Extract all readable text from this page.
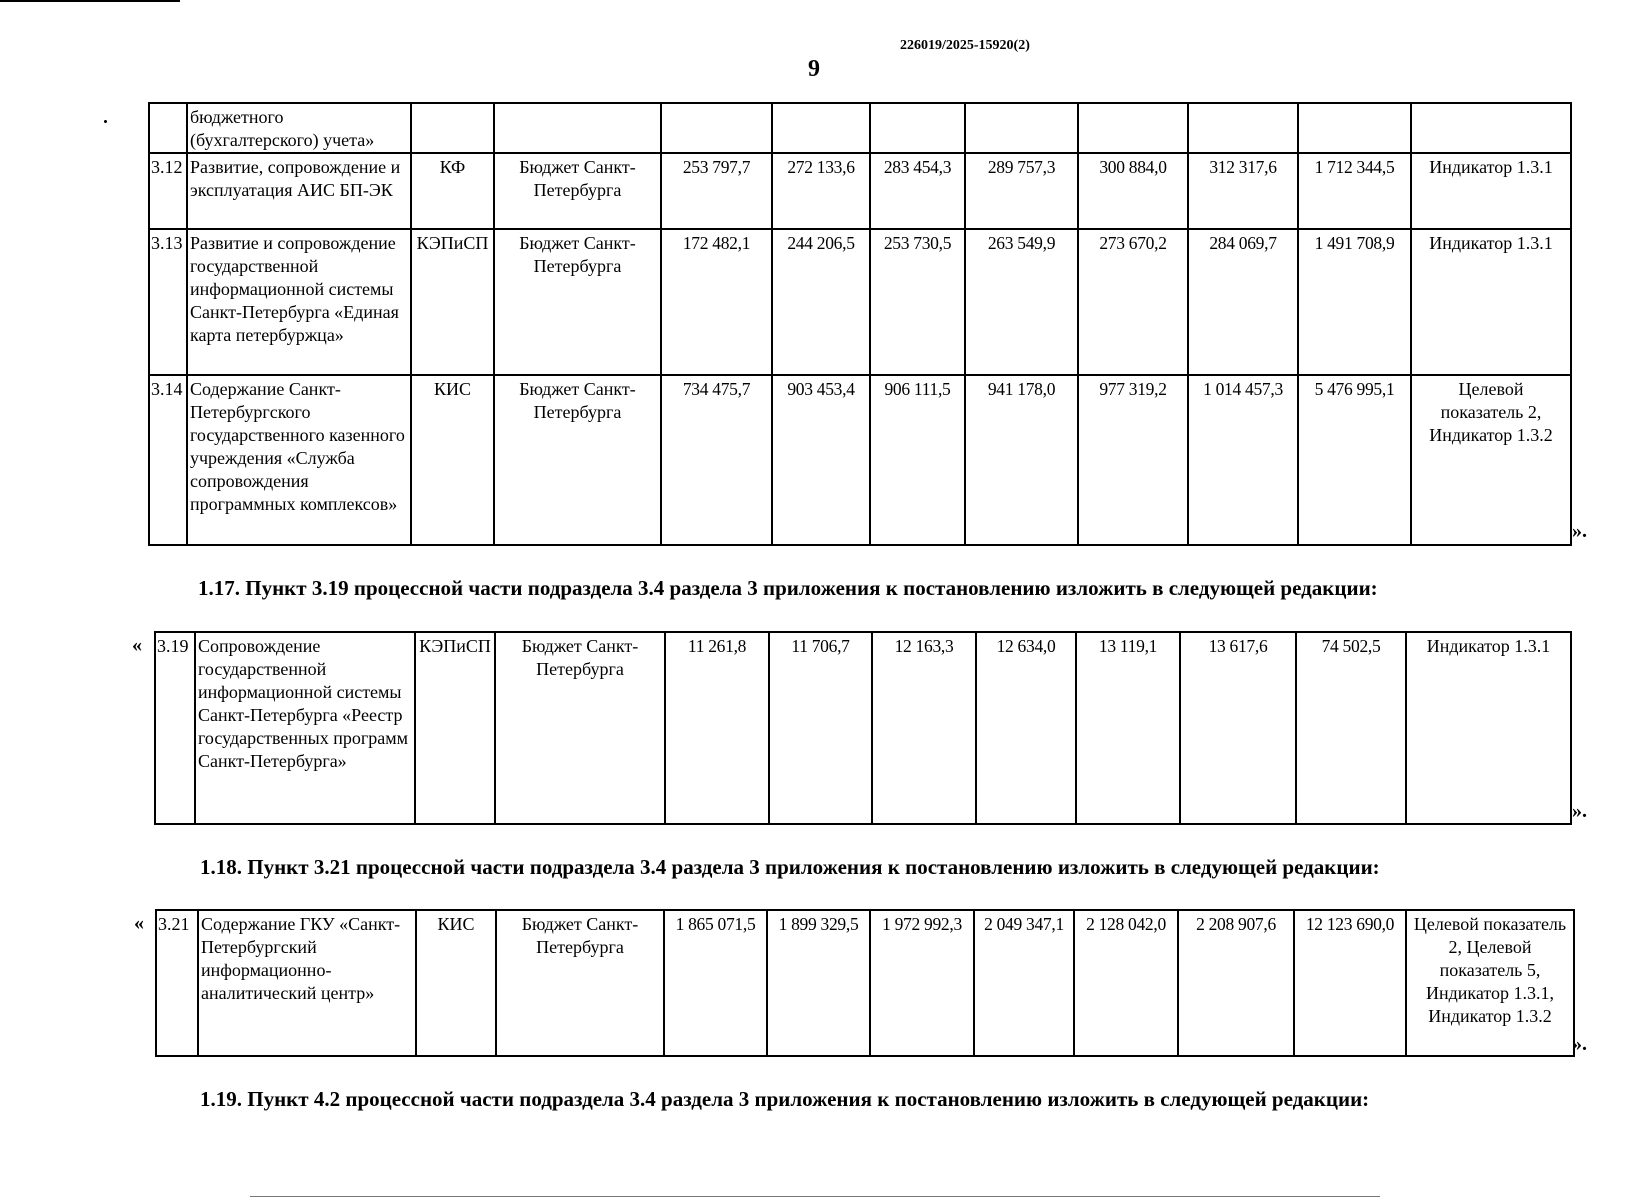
226019/2025-15920(2)
9
	бюджетного (бухгалтерского) учета»										
3.12	Развитие, сопровождение и эксплуатация АИС БП-ЭК	КФ	Бюджет Санкт-Петербурга	253 797,7	272 133,6	283 454,3	289 757,3	300 884,0	312 317,6	1 712 344,5	Индикатор 1.3.1
3.13	Развитие и сопровождение государственной информационной системы Санкт-Петербурга «Единая карта петербуржца»	КЭПиСП	Бюджет Санкт-Петербурга	172 482,1	244 206,5	253 730,5	263 549,9	273 670,2	284 069,7	1 491 708,9	Индикатор 1.3.1
3.14	Содержание Санкт-Петербургского государственного казенного учреждения «Служба сопровождения программных комплексов»	КИС	Бюджет Санкт-Петербурга	734 475,7	903 453,4	906 111,5	941 178,0	977 319,2	1 014 457,3	5 476 995,1	Целевой показатель 2, Индикатор 1.3.2
».
1.17. Пункт 3.19 процессной части подраздела 3.4 раздела 3 приложения к постановлению изложить в следующей редакции:
« 3.19	Сопровождение государственной информационной системы Санкт-Петербурга «Реестр государственных программ Санкт-Петербурга»	КЭПиСП	Бюджет Санкт-Петербурга	11 261,8	11 706,7	12 163,3	12 634,0	13 119,1	13 617,6	74 502,5	Индикатор 1.3.1
».
1.18. Пункт 3.21 процессной части подраздела 3.4 раздела 3 приложения к постановлению изложить в следующей редакции:
« 3.21	Содержание ГКУ «Санкт-Петербургский информационно-аналитический центр»	КИС	Бюджет Санкт-Петербурга	1 865 071,5	1 899 329,5	1 972 992,3	2 049 347,1	2 128 042,0	2 208 907,6	12 123 690,0	Целевой показатель 2, Целевой показатель 5, Индикатор 1.3.1, Индикатор 1.3.2
».
1.19. Пункт 4.2 процессной части подраздела 3.4 раздела 3 приложения к постановлению изложить в следующей редакции:
